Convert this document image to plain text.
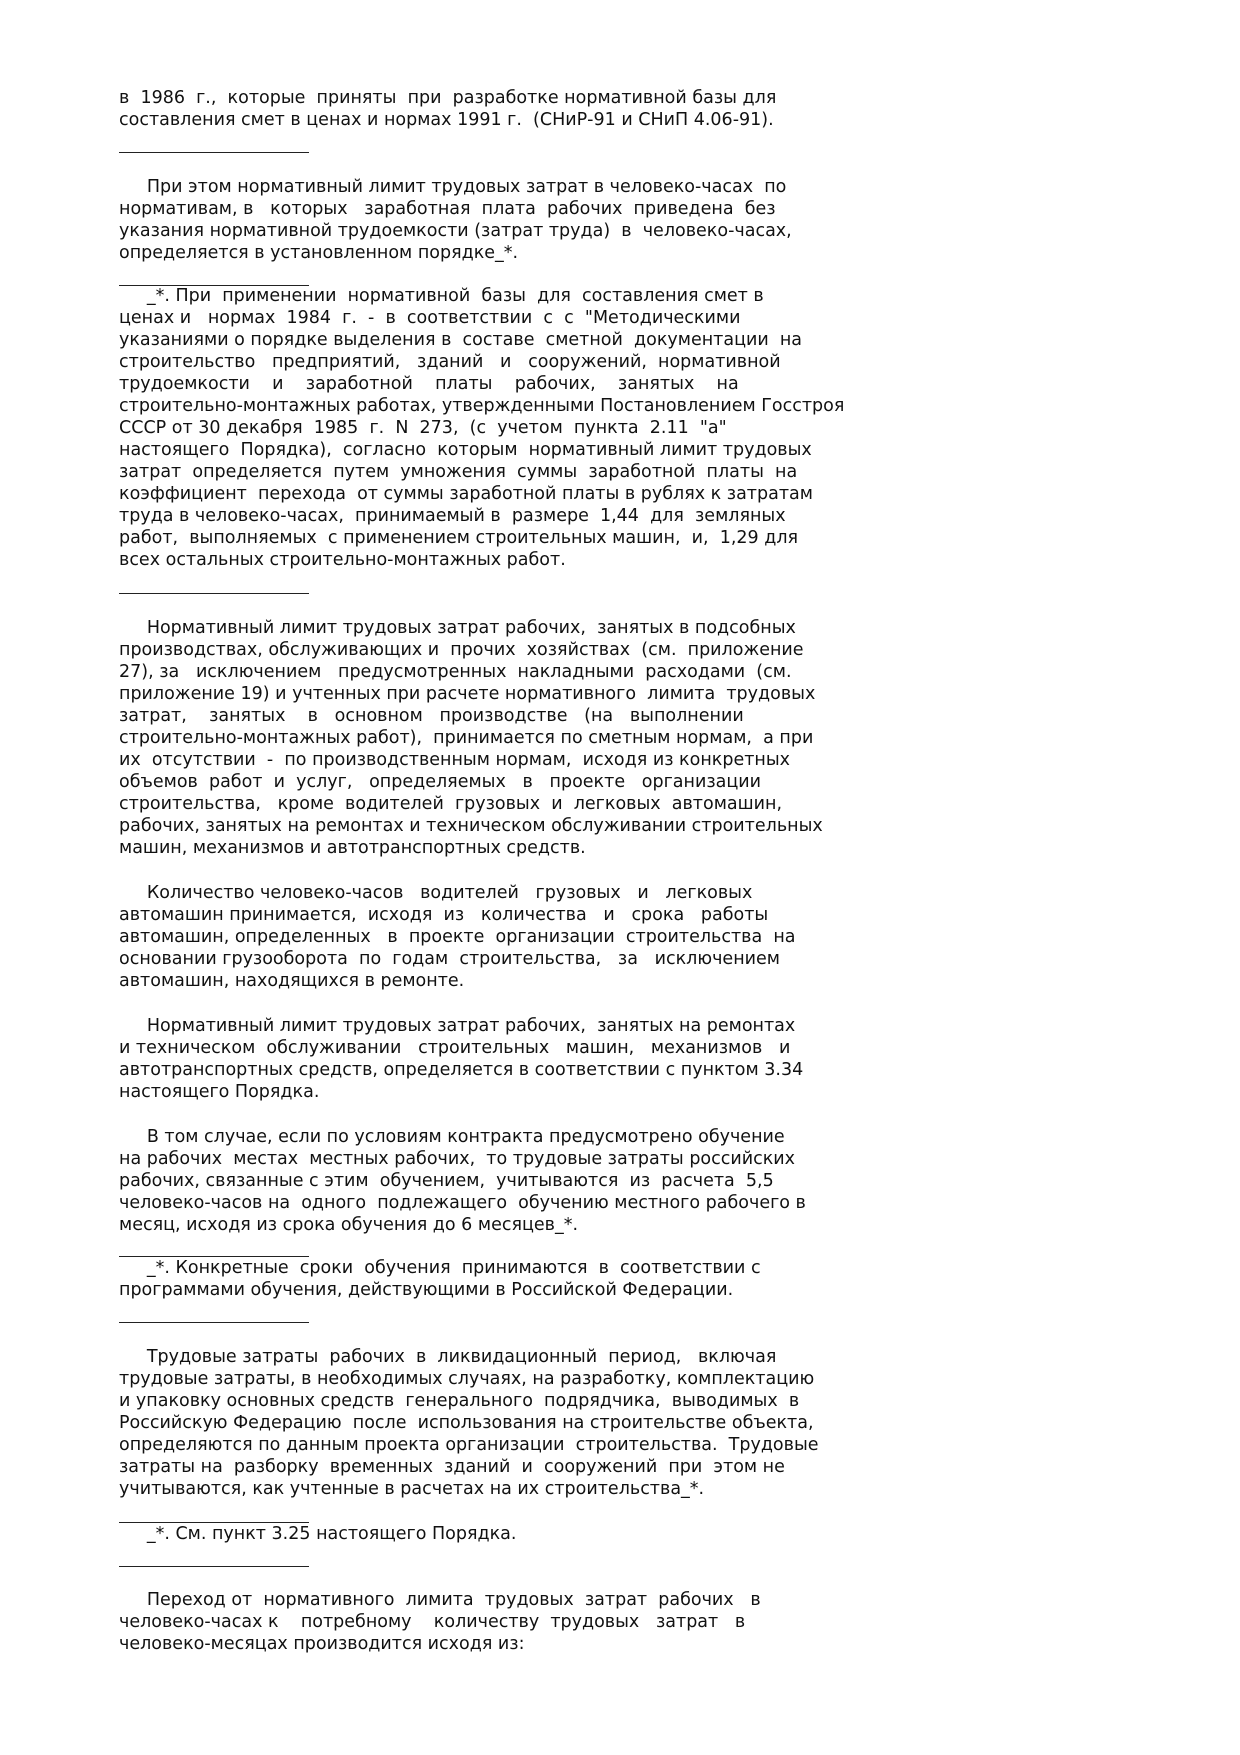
в  1986  г.,  которые  приняты  при  разработке нормативной базы для
составления смет в ценах и нормах 1991 г.  (СНиР-91 и СНиП 4.06-91).
При этом нормативный лимит трудовых затрат в человеко-часах  по
нормативам, в   которых   заработная  плата  рабочих  приведена  без
указания нормативной трудоемкости (затрат труда)  в  человеко-часах,
определяется в установленном порядке_*.
_*. При  применении  нормативной  базы  для  составления смет в
ценах и   нормах  1984  г.  -  в  соответствии  с  с  "Методическими
указаниями о порядке выделения в  составе  сметной  документации  на
строительство   предприятий,   зданий   и   сооружений,  нормативной
трудоемкости    и    заработной    платы    рабочих,    занятых    на
строительно-монтажных работах, утвержденными Постановлением Госстроя
СССР от 30 декабря  1985  г.  N  273,  (с  учетом  пункта  2.11  "а"
настоящего  Порядка),  согласно  которым  нормативный лимит трудовых
затрат  определяется  путем  умножения  суммы  заработной  платы  на
коэффициент  перехода  от суммы заработной платы в рублях к затратам
труда в человеко-часах,  принимаемый в  размере  1,44  для  земляных
работ,  выполняемых  с применением строительных машин,  и,  1,29 для
всех остальных строительно-монтажных работ.
Нормативный лимит трудовых затрат рабочих,  занятых в подсобных
производствах, обслуживающих и  прочих  хозяйствах  (см.  приложение
27), за   исключением   предусмотренных  накладными  расходами  (см.
приложение 19) и учтенных при расчете нормативного  лимита  трудовых
затрат,    занятых    в   основном   производстве   (на   выполнении
строительно-монтажных работ),  принимается по сметным нормам,  а при
их  отсутствии  -  по производственным нормам,  исходя из конкретных
объемов  работ  и  услуг,   определяемых   в   проекте   организации
строительства,   кроме  водителей  грузовых  и  легковых  автомашин,
рабочих, занятых на ремонтах и техническом обслуживании строительных
машин, механизмов и автотранспортных средств.
Количество человеко-часов   водителей   грузовых   и   легковых
автомашин принимается,  исходя  из   количества   и   срока   работы
автомашин, определенных   в  проекте  организации  строительства  на
основании грузооборота  по  годам  строительства,   за   исключением
автомашин, находящихся в ремонте.
Нормативный лимит трудовых затрат рабочих,  занятых на ремонтах
и техническом  обслуживании   строительных   машин,   механизмов   и
автотранспортных средств, определяется в соответствии с пунктом 3.34
настоящего Порядка.
В том случае, если по условиям контракта предусмотрено обучение
на рабочих  местах  местных рабочих,  то трудовые затраты российских
рабочих, связанные с этим  обучением,  учитываются  из  расчета  5,5
человеко-часов на  одного  подлежащего  обучению местного рабочего в
месяц, исходя из срока обучения до 6 месяцев_*.
_*. Конкретные  сроки  обучения  принимаются  в  соответствии с
программами обучения, действующими в Российской Федерации.
Трудовые затраты  рабочих  в  ликвидационный  период,   включая
трудовые затраты, в необходимых случаях, на разработку, комплектацию
и упаковку основных средств  генерального  подрядчика,  выводимых  в
Российскую Федерацию  после  использования на строительстве объекта,
определяются по данным проекта организации  строительства.  Трудовые
затраты на  разборку  временных  зданий  и  сооружений  при  этом не
учитываются, как учтенные в расчетах на их строительства_*.
_*. См. пункт 3.25 настоящего Порядка.
Переход от  нормативного  лимита  трудовых  затрат  рабочих   в
человеко-часах к    потребному    количеству  трудовых   затрат   в
человеко-месяцах производится исходя из:
